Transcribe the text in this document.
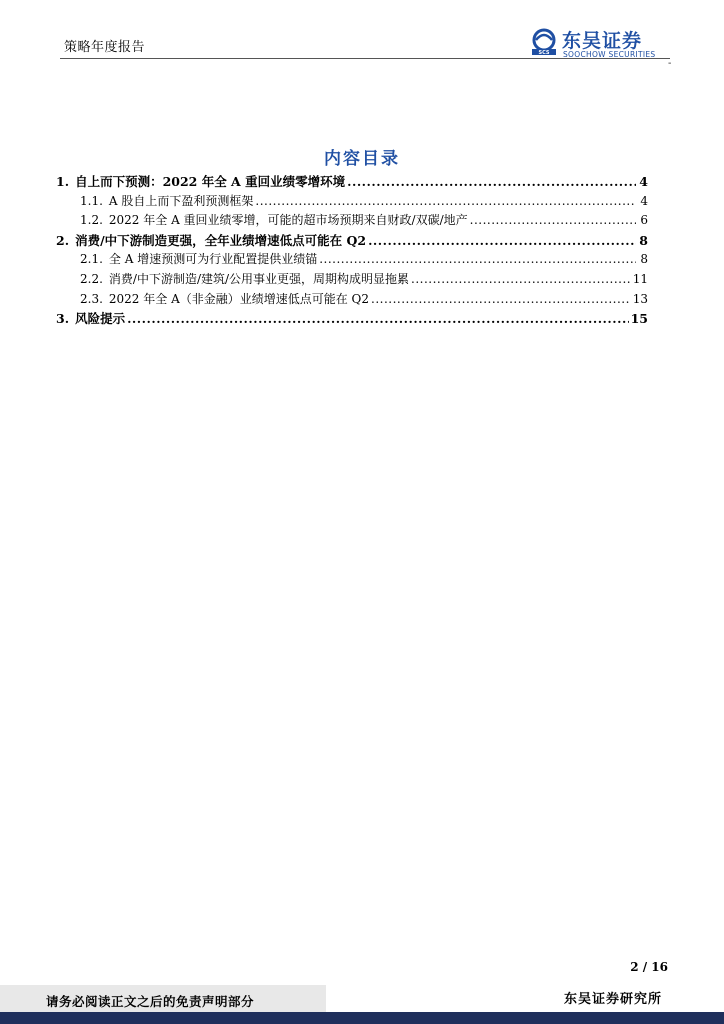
策略年度报告	SCS
东吴证券
SOOCHOW SECURITIES
-
内容目录
1. 自上而下预测：2022 年全 A 重回业绩零增环境 .....	4
1.1. A 股自上而下盈利预测框架 .....	4
1.2. 2022 年全 A 重回业绩零增，可能的超市场预期来自财政/双碳/地产 .....	6
2. 消费/中下游制造更强，全年业绩增速低点可能在 Q2 .....	8
2.1. 全 A 增速预测可为行业配置提供业绩锚 .....	8
2.2. 消费/中下游制造/建筑/公用事业更强，周期构成明显拖累 .....	11
2.3. 2022 年全 A（非金融）业绩增速低点可能在 Q2 .....	13
3. 风险提示 .....	15
2 / 16
请务必阅读正文之后的免责声明部分	东吴证券研究所
